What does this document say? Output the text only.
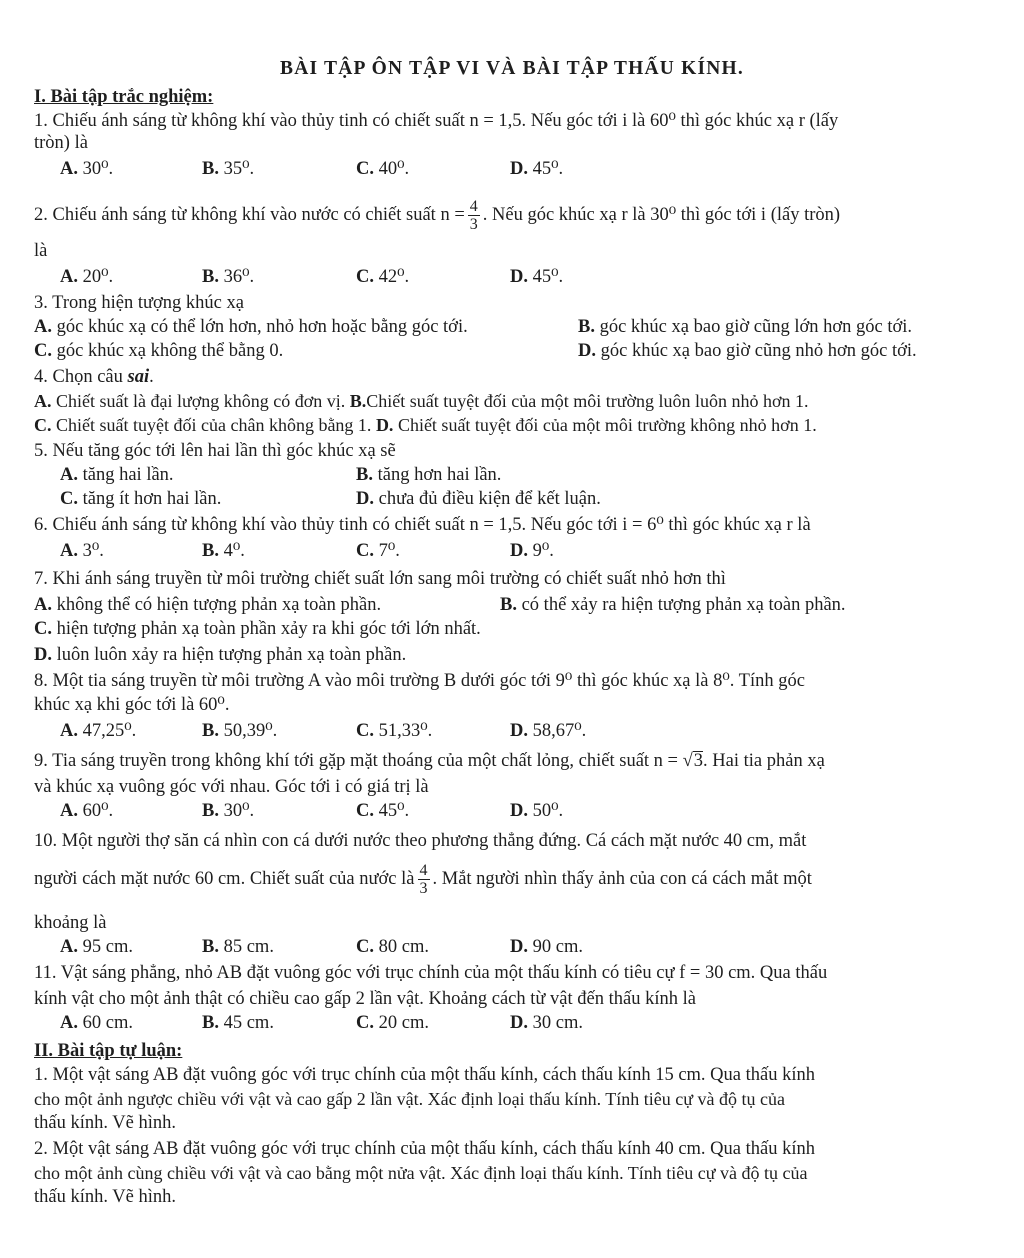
BÀI TẬP ÔN TẬP VI VÀ BÀI TẬP THẤU KÍNH.
I. Bài tập trắc nghiệm:
1. Chiếu ánh sáng từ không khí vào thủy tinh có chiết suất n = 1,5. Nếu góc tới i là 60⁰ thì góc khúc xạ r (lấy
tròn) là
A. 30⁰.	B. 35⁰.	C. 40⁰.	D. 45⁰.
2. Chiếu ánh sáng từ không khí vào nước có chiết suất $n = \frac{4}{3}$ . Nếu góc khúc xạ r là 30⁰ thì góc tới i (lấy tròn)
là
A. 20⁰.	B. 36⁰.	C. 42⁰.	D. 45⁰.
3. Trong hiện tượng khúc xạ
A. góc khúc xạ có thể lớn hơn, nhỏ hơn hoặc bằng góc tới.	B. góc khúc xạ bao giờ cũng lớn hơn góc tới.
C. góc khúc xạ không thể bằng 0.	D. góc khúc xạ bao giờ cũng nhỏ hơn góc tới.
4. Chọn câu sai.
A. Chiết suất là đại lượng không có đơn vị. B.Chiết suất tuyệt đối của một môi trường luôn luôn nhỏ hơn 1.
C. Chiết suất tuyệt đối của chân không bằng 1. D. Chiết suất tuyệt đối của một môi trường không nhỏ hơn 1.
5. Nếu tăng góc tới lên hai lần thì góc khúc xạ sẽ
A. tăng hai lần.	B. tăng hơn hai lần.
C. tăng ít hơn hai lần.	D. chưa đủ điều kiện để kết luận.
6. Chiếu ánh sáng từ không khí vào thủy tinh có chiết suất n = 1,5. Nếu góc tới i = 6⁰ thì góc khúc xạ r là
A. 3⁰.	B. 4⁰.	C. 7⁰.	D. 9⁰.
7. Khi ánh sáng truyền từ môi trường chiết suất lớn sang môi trường có chiết suất nhỏ hơn thì
A. không thể có hiện tượng phản xạ toàn phần.	B. có thể xảy ra hiện tượng phản xạ toàn phần.
C. hiện tượng phản xạ toàn phần xảy ra khi góc tới lớn nhất.
D. luôn luôn xảy ra hiện tượng phản xạ toàn phần.
8. Một tia sáng truyền từ môi trường A vào môi trường B dưới góc tới 9⁰ thì góc khúc xạ là 8⁰. Tính góc
khúc xạ khi góc tới là 60⁰.
A. 47,25⁰.	B. 50,39⁰.	C. 51,33⁰.	D. 58,67⁰.
9. Tia sáng truyền trong không khí tới gặp mặt thoáng của một chất lỏng, chiết suất n = √3. Hai tia phản xạ
và khúc xạ vuông góc với nhau. Góc tới i có giá trị là
A. 60⁰.	B. 30⁰.	C. 45⁰.	D. 50⁰.
10. Một người thợ săn cá nhìn con cá dưới nước theo phương thẳng đứng. Cá cách mặt nước 40 cm, mắt
người cách mặt nước 60 cm. Chiết suất của nước là $\frac{4}{3}$ . Mắt người nhìn thấy ảnh của con cá cách mắt một
khoảng là
A. 95 cm.	B. 85 cm.	C. 80 cm.	D. 90 cm.
11. Vật sáng phẳng, nhỏ AB đặt vuông góc với trục chính của một thấu kính có tiêu cự f = 30 cm. Qua thấu
kính vật cho một ảnh thật có chiều cao gấp 2 lần vật. Khoảng cách từ vật đến thấu kính là
A. 60 cm.	B. 45 cm.	C. 20 cm.	D. 30 cm.
II. Bài tập tự luận:
1. Một vật sáng AB đặt vuông góc với trục chính của một thấu kính, cách thấu kính 15 cm. Qua thấu kính
cho một ảnh ngược chiều với vật và cao gấp 2 lần vật. Xác định loại thấu kính. Tính tiêu cự và độ tụ của
thấu kính. Vẽ hình.
2. Một vật sáng AB đặt vuông góc với trục chính của một thấu kính, cách thấu kính 40 cm. Qua thấu kính
cho một ảnh cùng chiều với vật và cao bằng một nửa vật. Xác định loại thấu kính. Tính tiêu cự và độ tụ của
thấu kính. Vẽ hình.
